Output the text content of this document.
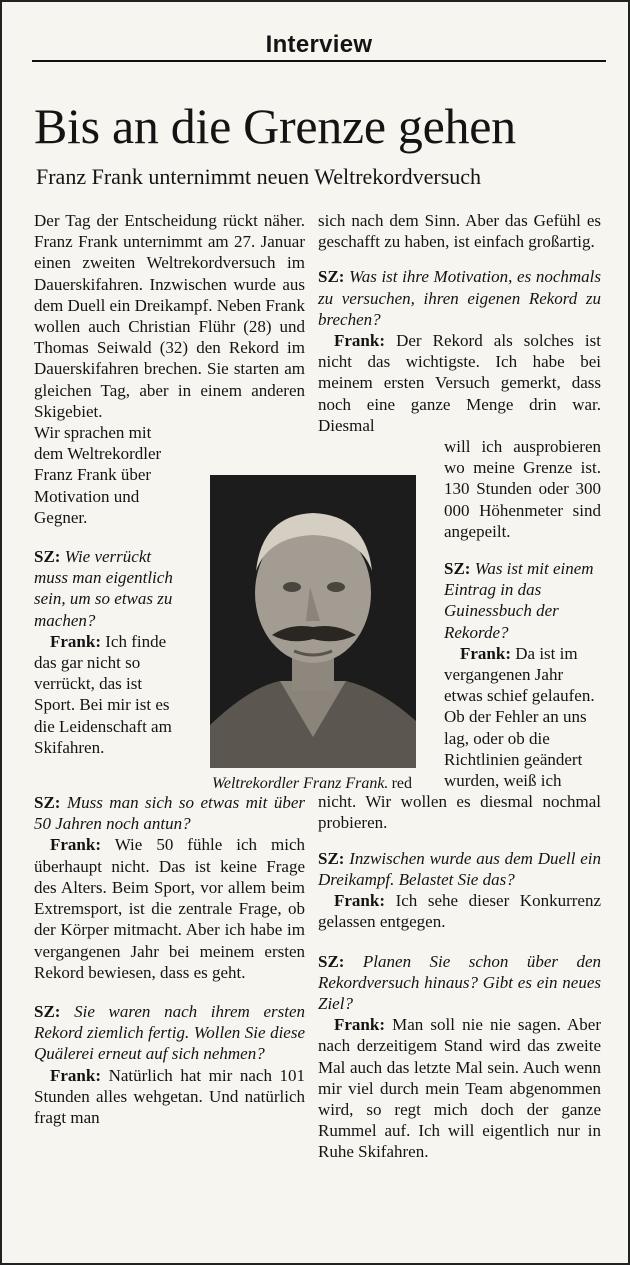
Interview
Bis an die Grenze gehen
Franz Frank unternimmt neuen Weltrekordversuch

Der Tag der Entscheidung rückt näher. Franz Frank unternimmt am 27. Januar einen zweiten Weltrekordversuch im Dauerskifahren. Inzwischen wurde aus dem Duell ein Dreikampf. Neben Frank wollen auch Christian Flühr (28) und Thomas Seiwald (32) den Rekord im Dauerskifahren brechen. Sie starten am gleichen Tag, aber in einem anderen Skigebiet.

Wir sprachen mit dem Weltrekordler Franz Frank über Motivation und Gegner.

SZ: Wie verrückt muss man eigentlich sein, um so etwas zu machen?

Frank: Ich finde das gar nicht so verrückt, das ist Sport. Bei mir ist es die Leidenschaft am Skifahren.

SZ: Muss man sich so etwas mit über 50 Jahren noch antun?

Frank: Wie 50 fühle ich mich überhaupt nicht. Das ist keine Frage des Alters. Beim Sport, vor allem beim Extremsport, ist die zentrale Frage, ob der Körper mitmacht. Aber ich habe im vergangenen Jahr bei meinem ersten Rekord bewiesen, dass es geht.

SZ: Sie waren nach ihrem ersten Rekord ziemlich fertig. Wollen Sie diese Quälerei erneut auf sich nehmen?

Frank: Natürlich hat mir nach 101 Stunden alles wehgetan. Und natürlich fragt man

sich nach dem Sinn. Aber das Gefühl es geschafft zu haben, ist einfach großartig.

SZ: Was ist ihre Motivation, es nochmals zu versuchen, ihren eigenen Rekord zu brechen?

Frank: Der Rekord als solches ist nicht das wichtigste. Ich habe bei meinem ersten Versuch gemerkt, dass noch eine ganze Menge drin war. Diesmal

will ich ausprobieren wo meine Grenze ist. 130 Stunden oder 300 000 Höhenmeter sind angepeilt.

SZ: Was ist mit einem Eintrag in das Guinessbuch der Rekorde?

Frank: Da ist im vergangenen Jahr etwas schief gelaufen. Ob der Fehler an uns lag, oder ob die Richtlinien geändert wurden, weiß ich

nicht. Wir wollen es diesmal nochmal probieren.

SZ: Inzwischen wurde aus dem Duell ein Dreikampf. Belastet Sie das?

Frank: Ich sehe dieser Konkurrenz gelassen entgegen.

SZ: Planen Sie schon über den Rekordversuch hinaus? Gibt es ein neues Ziel?

Frank: Man soll nie nie sagen. Aber nach derzeitigem Stand wird das zweite Mal auch das letzte Mal sein. Auch wenn mir viel durch mein Team abgenommen wird, so regt mich doch der ganze Rummel auf. Ich will eigentlich nur in Ruhe Skifahren.

Weltrekordler Franz Frank. red
